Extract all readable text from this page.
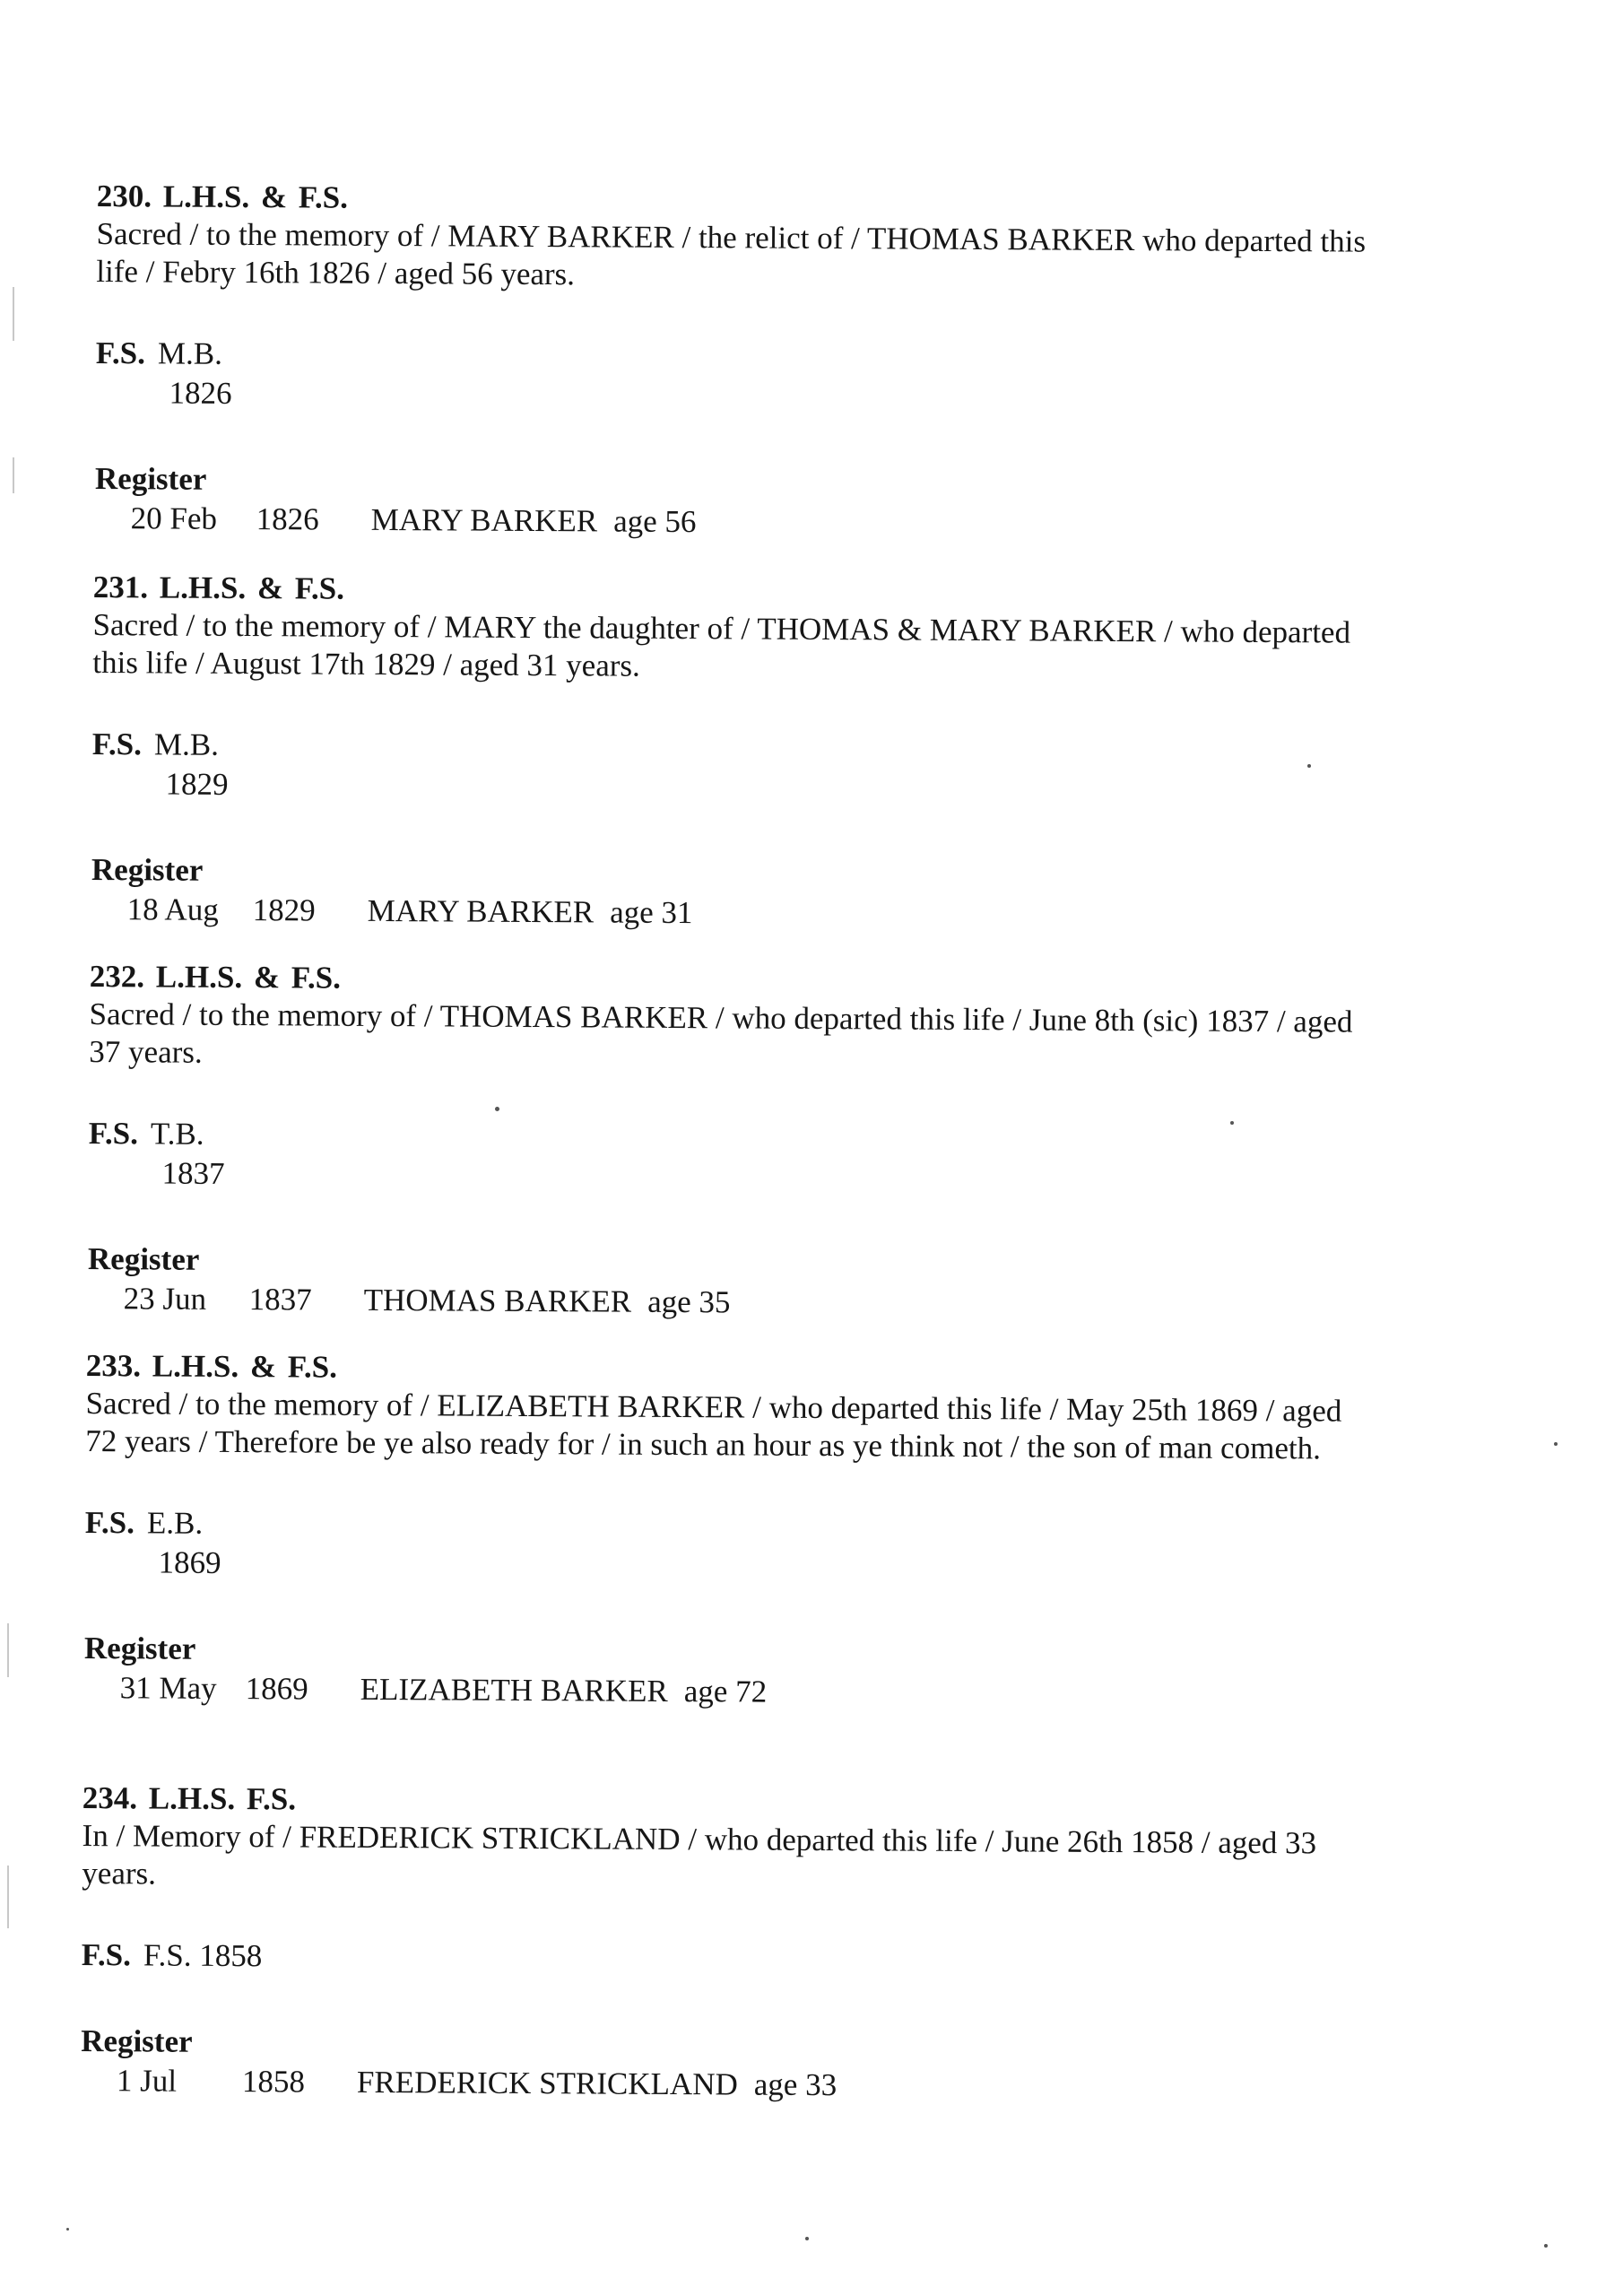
230. L.H.S. & F.S.

Sacred / to the memory of / MARY BARKER / the relict of / THOMAS BARKER who departed this life / Febry 16th 1826 / aged 56 years.

F.S. M.B.
1826
Register
20 Feb 1826 MARY BARKER age 56

231. L.H.S. & F.S.

Sacred / to the memory of / MARY the daughter of / THOMAS & MARY BARKER / who departed this life / August 17th 1829 / aged 31 years.

F.S. M.B.
1829
Register
18 Aug 1829 MARY BARKER age 31

232. L.H.S. & F.S.

Sacred / to the memory of / THOMAS BARKER / who departed this life / June 8th (sic) 1837 / aged 37 years.

F.S. T.B.
1837
Register
23 Jun 1837 THOMAS BARKER age 35

233. L.H.S. & F.S.

Sacred / to the memory of / ELIZABETH BARKER / who departed this life / May 25th 1869 / aged 72 years / Therefore be ye also ready for / in such an hour as ye think not / the son of man cometh.

F.S. E.B.
1869
Register
31 May 1869 ELIZABETH BARKER age 72

234. L.H.S. F.S.

In / Memory of / FREDERICK STRICKLAND / who departed this life / June 26th 1858 / aged 33 years.

F.S. F.S. 1858
Register
1 Jul 1858 FREDERICK STRICKLAND age 33
